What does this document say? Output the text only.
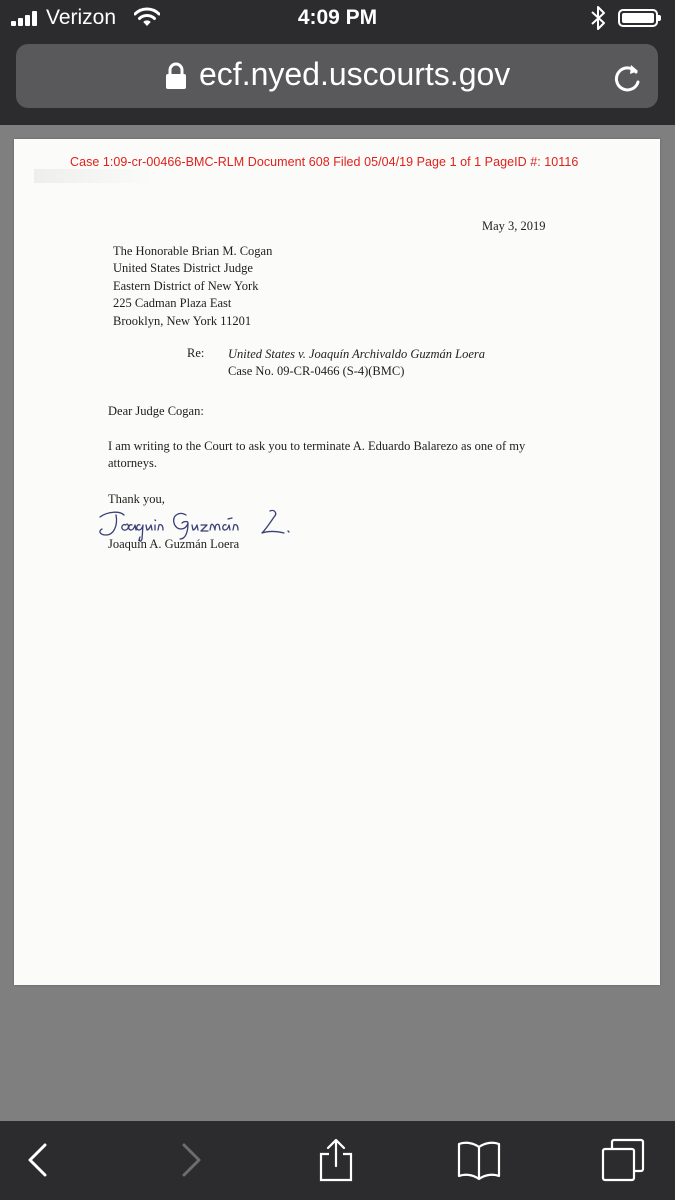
Verizon	4:09 PM
ecf.nyed.uscourts.gov
Case 1:09-cr-00466-BMC-RLM Document 608 Filed 05/04/19 Page 1 of 1 PageID #: 10116
May 3, 2019
The Honorable Brian M. Cogan
United States District Judge
Eastern District of New York
225 Cadman Plaza East
Brooklyn, New York 11201
Re: United States v. Joaquín Archivaldo Guzmán Loera
Case No. 09-CR-0466 (S-4)(BMC)
Dear Judge Cogan:
I am writing to the Court to ask you to terminate A. Eduardo Balarezo as one of my attorneys.
Thank you,
Joaquín A. Guzmán Loera
